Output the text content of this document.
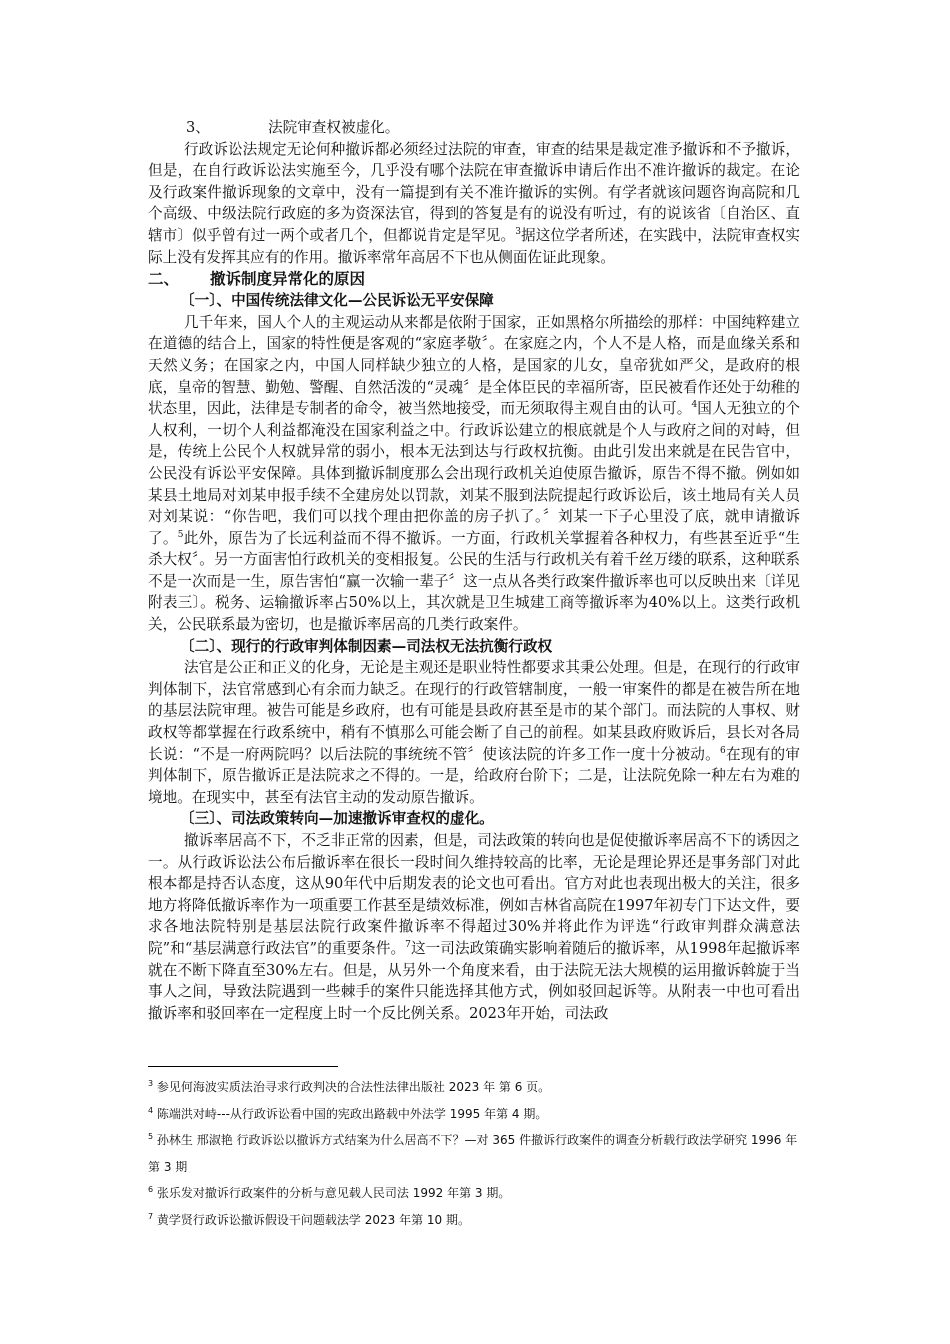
3、	法院审查权被虚化。

行政诉讼法规定无论何种撤诉都必须经过法院的审查，审查的结果是裁定准予撤诉和不予撤诉，但是，在自行政诉讼法实施至今，几乎没有哪个法院在审查撤诉申请后作出不准许撤诉的裁定。在论及行政案件撤诉现象的文章中，没有一篇提到有关不准许撤诉的实例。有学者就该问题咨询高院和几个高级、中级法院行政庭的多为资深法官，得到的答复是有的说没有听过，有的说该省〔自治区、直辖市〕似乎曾有过一两个或者几个，但都说肯定是罕见。$^3$据这位学者所述，在实践中，法院审查权实际上没有发挥其应有的作用。撤诉率常年高居不下也从侧面佐证此现象。

二、 撤诉制度异常化的原因

〔一〕、中国传统法律文化—公民诉讼无平安保障

几千年来，国人个人的主观运动从来都是依附于国家，正如黑格尔所描绘的那样：中国纯粹建立在道德的结合上，国家的特性便是客观的“家庭孝敬〞。在家庭之内，个人不是人格，而是血缘关系和天然义务；在国家之内，中国人同样缺少独立的人格，是国家的儿女，皇帝犹如严父，是政府的根底，皇帝的智慧、勤勉、警醒、自然活泼的“灵魂〞是全体臣民的幸福所寄，臣民被看作还处于幼稚的状态里，因此，法律是专制者的命令，被当然地接受，而无须取得主观自由的认可。$^4$国人无独立的个人权利，一切个人利益都淹没在国家利益之中。行政诉讼建立的根底就是个人与政府之间的对峙，但是，传统上公民个人权就异常的弱小，根本无法到达与行政权抗衡。由此引发出来就是在民告官中，公民没有诉讼平安保障。具体到撤诉制度那么会出现行政机关迫使原告撤诉，原告不得不撤。例如如某县土地局对刘某申报手续不全建房处以罚款，刘某不服到法院提起行政诉讼后，该土地局有关人员对刘某说：“你告吧，我们可以找个理由把你盖的房子扒了。〞刘某一下子心里没了底，就申请撤诉了。$^5$此外，原告为了长远利益而不得不撤诉。一方面，行政机关掌握着各种权力，有些甚至近乎“生杀大权〞。另一方面害怕行政机关的变相报复。公民的生活与行政机关有着千丝万缕的联系，这种联系不是一次而是一生，原告害怕“赢一次输一辈子〞这一点从各类行政案件撤诉率也可以反映出来〔详见附表三〕。税务、运输撤诉率占50%以上，其次就是卫生城建工商等撤诉率为40%以上。这类行政机关，公民联系最为密切，也是撤诉率居高的几类行政案件。

〔二〕、现行的行政审判体制因素—司法权无法抗衡行政权

法官是公正和正义的化身，无论是主观还是职业特性都要求其秉公处理。但是，在现行的行政审判体制下，法官常感到心有余而力缺乏。在现行的行政管辖制度，一般一审案件的都是在被告所在地的基层法院审理。被告可能是乡政府，也有可能是县政府甚至是市的某个部门。而法院的人事权、财政权等都掌握在行政系统中，稍有不慎那么可能会断了自己的前程。如某县政府败诉后，县长对各局长说：“不是一府两院吗？以后法院的事统统不管〞使该法院的许多工作一度十分被动。$^6$在现有的审判体制下，原告撤诉正是法院求之不得的。一是，给政府台阶下；二是，让法院免除一种左右为难的境地。在现实中，甚至有法官主动的发动原告撤诉。

〔三〕、司法政策转向—加速撤诉审查权的虚化。

撤诉率居高不下，不乏非正常的因素，但是，司法政策的转向也是促使撤诉率居高不下的诱因之一。从行政诉讼法公布后撤诉率在很长一段时间久维持较高的比率，无论是理论界还是事务部门对此根本都是持否认态度，这从90年代中后期发表的论文也可看出。官方对此也表现出极大的关注，很多地方将降低撤诉率作为一项重要工作甚至是绩效标准，例如吉林省高院在1997年初专门下达文件，要求各地法院特别是基层法院行政案件撤诉率不得超过30%并将此作为评选“行政审判群众满意法院”和“基层满意行政法官”的重要条件。$^7$这一司法政策确实影响着随后的撤诉率，从1998年起撤诉率就在不断下降直至30%左右。但是，从另外一个角度来看，由于法院无法大规模的运用撤诉斡旋于当事人之间，导致法院遇到一些棘手的案件只能选择其他方式，例如驳回起诉等。从附表一中也可看出撤诉率和驳回率在一定程度上时一个反比例关系。2023年开始，司法政

$^3$ 参见何海波实质法治寻求行政判决的合法性法律出版社 2023 年 第 6 页。

$^4$ 陈端洪对峙---从行政诉讼看中国的宪政出路载中外法学 1995 年第 4 期。

$^5$ 孙林生 邢淑艳 行政诉讼以撤诉方式结案为什么居高不下？—对 365 件撤诉行政案件的调查分析载行政法学研究 1996 年第 3 期

$^6$ 张乐发对撤诉行政案件的分析与意见载人民司法 1992 年第 3 期。

$^7$ 黄学贤行政诉讼撤诉假设干问题载法学 2023 年第 10 期。
